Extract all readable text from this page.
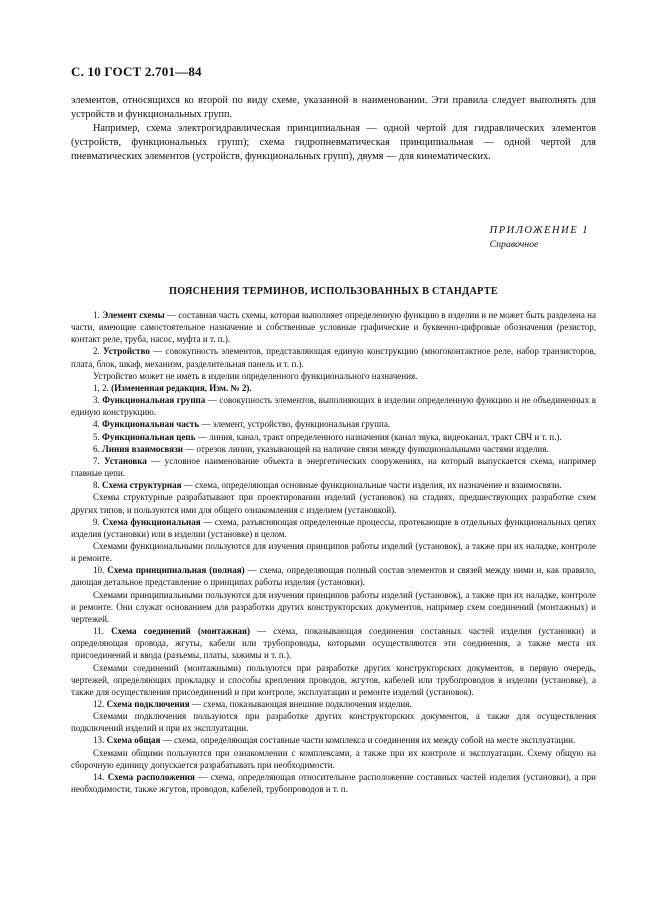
С. 10 ГОСТ 2.701—84

элементов, относящихся ко второй по виду схеме, указанной в наименовании. Эти правила следует выполнять для устройств и функциональных групп.

Например, схема электрогидравлическая принципиальная — одной чертой для гидравлических элементов (устройств, функциональных групп); схема гидропневматическая принципиальная — одной чертой для пневматических элементов (устройств, функциональных групп), двумя — для кинематических.

ПРИЛОЖЕНИЕ 1
Справочное
ПОЯСНЕНИЯ ТЕРМИНОВ, ИСПОЛЬЗОВАННЫХ В СТАНДАРТЕ

1. Элемент схемы — составная часть схемы, которая выполняет определенную функцию в изделии и не может быть разделена на части, имеющие самостоятельное назначение и собственные условные графические и буквенно-цифровые обозначения (резистор, контакт реле, труба, насос, муфта и т. п.).

2. Устройство — совокупность элементов, представляющая единую конструкцию (многоконтактное реле, набор транзисторов, плата, блок, шкаф, механизм, разделительная панель и т. п.).

Устройство может не иметь в изделии определенного функционального назначения.

1, 2. (Измененная редакция, Изм. № 2).

3. Функциональная группа — совокупность элементов, выполняющих в изделии определенную функцию и не объединенных в единую конструкцию.

4. Функциональная часть — элемент, устройство, функциональная группа.

5. Функциональная цепь — линия, канал, тракт определенного назначения (канал звука, видеоканал, тракт СВЧ и т. п.).

6. Линия взаимосвязи — отрезок линии, указывающей на наличие связи между функциональными частями изделия.

7. Установка — условное наименование объекта в энергетических сооружениях, на который выпускается схема, например главные цепи.

8. Схема структурная — схема, определяющая основные функциональные части изделия, их назначение и взаимосвязи.

Схемы структурные разрабатывают при проектировании изделий (установок) на стадиях, предшествующих разработке схем других типов, и пользуются ими для общего ознакомления с изделием (установкой).

9. Схема функциональная — схема, разъясняющая определенные процессы, протекающие в отдельных функциональных цепях изделия (установки) или в изделии (установке) в целом.

Схемами функциональными пользуются для изучения принципов работы изделий (установок), а также при их наладке, контроле и ремонте.

10. Схема принципиальная (полная) — схема, определяющая полный состав элементов и связей между ними и, как правило, дающая детальное представление о принципах работы изделия (установки).

Схемами принципиальными пользуются для изучения принципов работы изделий (установок), а также при их наладке, контроле и ремонте. Они служат основанием для разработки других конструкторских документов, например схем соединений (монтажных) и чертежей.

11. Схема соединений (монтажная) — схема, показывающая соединения составных частей изделия (установки) и определяющая провода, жгуты, кабели или трубопроводы, которыми осуществляются эти соединения, а также места их присоединений и ввода (разъемы, платы, зажимы и т. п.).

Схемами соединений (монтажными) пользуются при разработке других конструкторских документов, в первую очередь, чертежей, определяющих прокладку и способы крепления проводов, жгутов, кабелей или трубопроводов в изделии (установке), а также для осуществления присоединений и при контроле, эксплуатации и ремонте изделий (установок).

12. Схема подключения — схема, показывающая внешние подключения изделия.

Схемами подключения пользуются при разработке других конструкторских документов, а также для осуществления подключений изделий и при их эксплуатации.

13. Схема общая — схема, определяющая составные части комплекса и соединения их между собой на месте эксплуатации.

Схемами общими пользуются при ознакомлении с комплексами, а также при их контроле и эксплуатации. Схему общую на сборочную единицу допускается разрабатывать при необходимости.

14. Схема расположения — схема, определяющая относительное расположение составных частей изделия (установки), а при необходимости, также жгутов, проводов, кабелей, трубопроводов и т. п.
